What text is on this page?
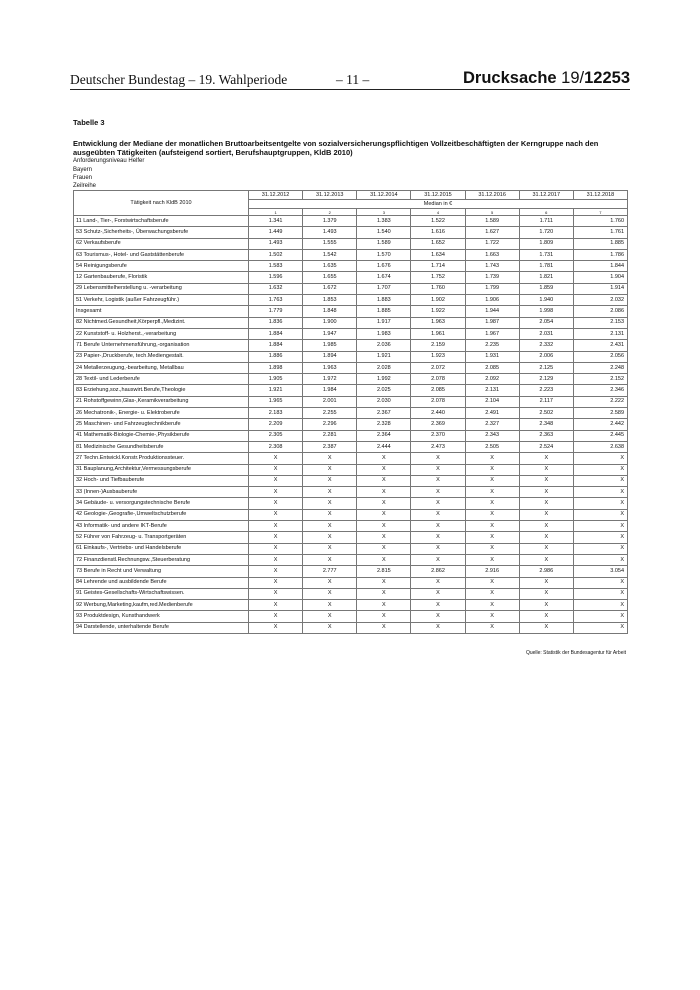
Deutscher Bundestag – 19. Wahlperiode	– 11 –	Drucksache 19/12253
Tabelle 3
Entwicklung der Mediane der monatlichen Bruttoarbeitsentgelte von sozialversicherungspflichtigen Vollzeitbeschäftigten der Kerngruppe nach den ausgeübten Tätigkeiten (aufsteigend sortiert, Berufshauptgruppen, KldB 2010)
Anforderungsniveau Helfer
Bayern
Frauen
Zeilreihe
Tätigkeit nach KldB 2010	31.12.2012	31.12.2013	31.12.2014	31.12.2015	31.12.2016	31.12.2017	31.12.2018
	Median in €						
	1	2	3	4	5	6	7
11 Land-, Tier-, Forstwirtschaftsberufe	1.341	1.379	1.383	1.522	1.589	1.711	1.760
53 Schutz-,Sicherheits-, Überwachungsberufe	1.449	1.493	1.540	1.616	1.627	1.720	1.761
62 Verkaufsberufe	1.493	1.555	1.589	1.652	1.722	1.809	1.885
63 Tourismus-, Hotel- und Gaststättenberufe	1.502	1.542	1.570	1.634	1.663	1.731	1.786
54 Reinigungsberufe	1.583	1.635	1.676	1.714	1.743	1.781	1.844
12 Gartenbauberufe, Floristik	1.596	1.655	1.674	1.752	1.739	1.821	1.904
29 Lebensmittelherstellung u. -verarbeitung	1.632	1.672	1.707	1.760	1.799	1.859	1.914
51 Verkehr, Logistik (außer Fahrzeugführ.)	1.763	1.853	1.883	1.902	1.906	1.940	2.032
Insgesamt	1.779	1.848	1.885	1.922	1.944	1.998	2.086
82 Nichtmed.Gesundheit,Körperpfl.,Medizint.	1.836	1.900	1.917	1.963	1.987	2.054	2.153
22 Kunststoff- u. Holzherst.,-verarbeitung	1.884	1.947	1.983	1.961	1.967	2.031	2.131
71 Berufe Unternehmensführung,-organisation	1.884	1.985	2.036	2.159	2.235	2.332	2.431
23 Papier-,Druckberufe, tech.Mediengestalt.	1.886	1.894	1.921	1.923	1.931	2.006	2.056
24 Metallerzeugung,-bearbeitung, Metallbau	1.898	1.963	2.028	2.072	2.085	2.125	2.248
28 Textil- und Lederberufe	1.905	1.972	1.992	2.078	2.092	2.129	2.152
83 Erziehung,soz.,hauswirt.Berufe,Theologie	1.921	1.984	2.025	2.085	2.131	2.223	2.346
21 Rohstoffgewinn,Glas-,Keramikverarbeitung	1.965	2.001	2.030	2.078	2.104	2.117	2.222
26 Mechatronik-, Energie- u. Elektroberufe	2.183	2.255	2.367	2.440	2.491	2.502	2.589
25 Maschinen- und Fahrzeugtechnikberufe	2.209	2.296	2.328	2.369	2.327	2.348	2.442
41 Mathematik-Biologie-Chemie-,Physikberufe	2.305	2.281	2.364	2.370	2.343	2.363	2.445
81 Medizinische Gesundheitsberufe	2.308	2.387	2.444	2.473	2.505	2.524	2.638
27 Techn.Entwickl.Konstr.Produktionssteuer.	X	X	X	X	X	X	X
31 Bauplanung,Architektur,Vermessungsberufe	X	X	X	X	X	X	X
32 Hoch- und Tiefbauberufe	X	X	X	X	X	X	X
33 (Innen-)Ausbauberufe	X	X	X	X	X	X	X
34 Gebäude- u. versorgungstechnische Berufe	X	X	X	X	X	X	X
42 Geologie-,Geografie-,Umweltschutzberufe	X	X	X	X	X	X	X
43 Informatik- und andere IKT-Berufe	X	X	X	X	X	X	X
52 Führer von Fahrzeug- u. Transportgeräten	X	X	X	X	X	X	X
61 Einkaufs-, Vertriebs- und Handelsberufe	X	X	X	X	X	X	X
72 Finanzdienstl.Rechnungsw.,Steuerberatung	X	X	X	X	X	X	X
73 Berufe in Recht und Verwaltung	X	2.777	2.815	2.862	2.916	2.986	3.054
84 Lehrende und ausbildende Berufe	X	X	X	X	X	X	X
91 Geistes-Gesellschafts-Wirtschaftswissen.	X	X	X	X	X	X	X
92 Werbung,Marketing,kaufm,red.Medienberufe	X	X	X	X	X	X	X
93 Produktdesign, Kunsthandwerk	X	X	X	X	X	X	X
94 Darstellende, unterhaltende Berufe	X	X	X	X	X	X	X
Quelle: Statistik der Bundesagentur für Arbeit
